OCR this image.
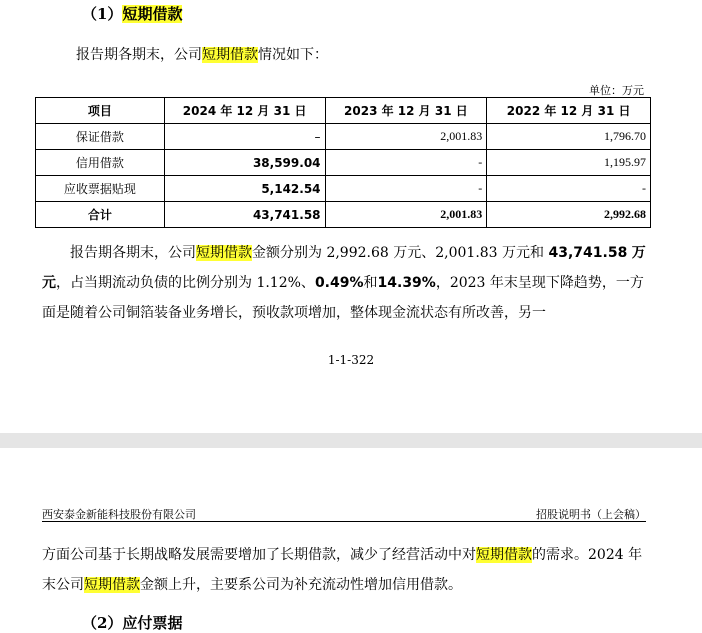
（1）短期借款
报告期各期末，公司短期借款情况如下：
单位：万元
项目	2024 年 12 月 31 日	2023 年 12 月 31 日	2022 年 12 月 31 日
保证借款	–	2,001.83	1,796.70
信用借款	38,599.04	-	1,195.97
应收票据贴现	5,142.54	-	-
合计	43,741.58	2,001.83	2,992.68
报告期各期末，公司短期借款金额分别为 2,992.68 万元、2,001.83 万元和 43,741.58 万元，占当期流动负债的比例分别为 1.12%、0.49%和14.39%，2023 年末呈现下降趋势，一方面是随着公司铜箔装备业务增长，预收款项增加，整体现金流状态有所改善，另一
1-1-322
西安泰金新能科技股份有限公司	招股说明书（上会稿）
方面公司基于长期战略发展需要增加了长期借款，减少了经营活动中对短期借款的需求。2024 年末公司短期借款金额上升，主要系公司为补充流动性增加信用借款。
（2）应付票据
